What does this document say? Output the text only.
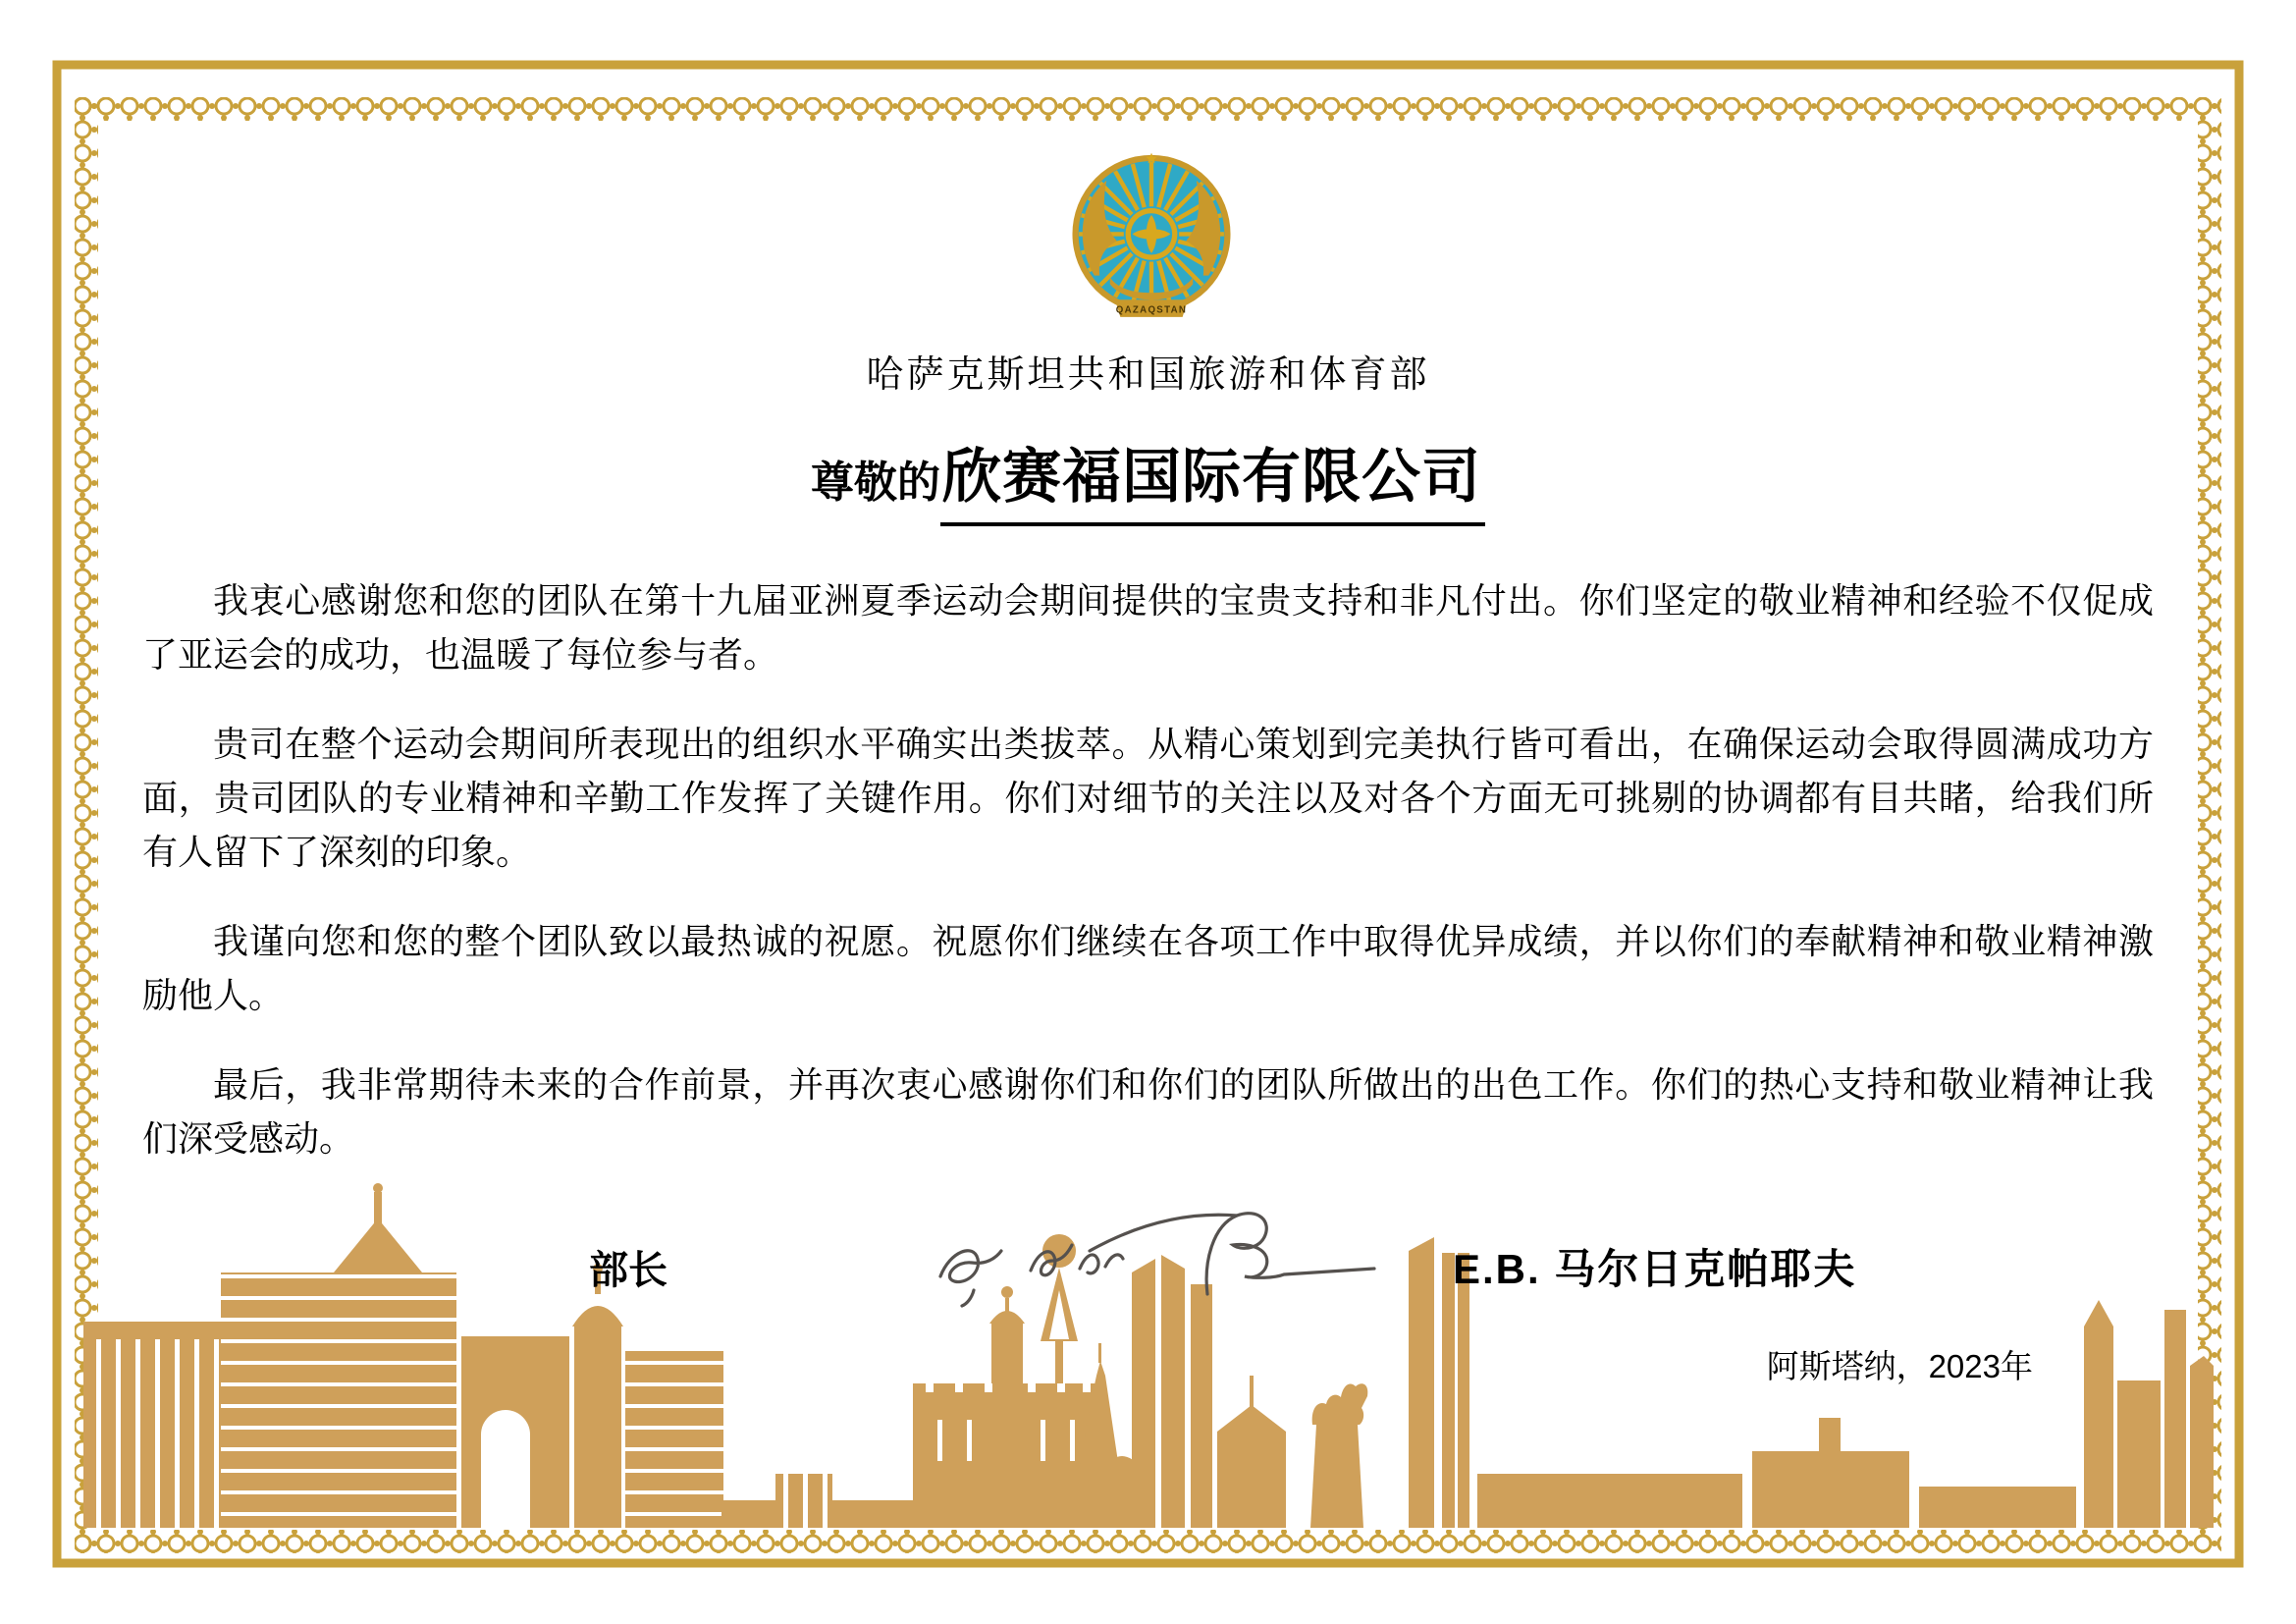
QAZAQSTAN
哈萨克斯坦共和国旅游和体育部
尊敬的 欣赛福国际有限公司

我衷心感谢您和您的团队在第十九届亚洲夏季运动会期间提供的宝贵支持和非凡付出。你们坚定的敬业精神和经验不仅促成了亚运会的成功，也温暖了每位参与者。

贵司在整个运动会期间所表现出的组织水平确实出类拔萃。从精心策划到完美执行皆可看出，在确保运动会取得圆满成功方面，贵司团队的专业精神和辛勤工作发挥了关键作用。你们对细节的关注以及对各个方面无可挑剔的协调都有目共睹，给我们所有人留下了深刻的印象。

我谨向您和您的整个团队致以最热诚的祝愿。祝愿你们继续在各项工作中取得优异成绩，并以你们的奉献精神和敬业精神激励他人。

最后，我非常期待未来的合作前景，并再次衷心感谢你们和你们的团队所做出的出色工作。你们的热心支持和敬业精神让我们深受感动。

部长	E.B. 马尔日克帕耶夫
阿斯塔纳，2023年
